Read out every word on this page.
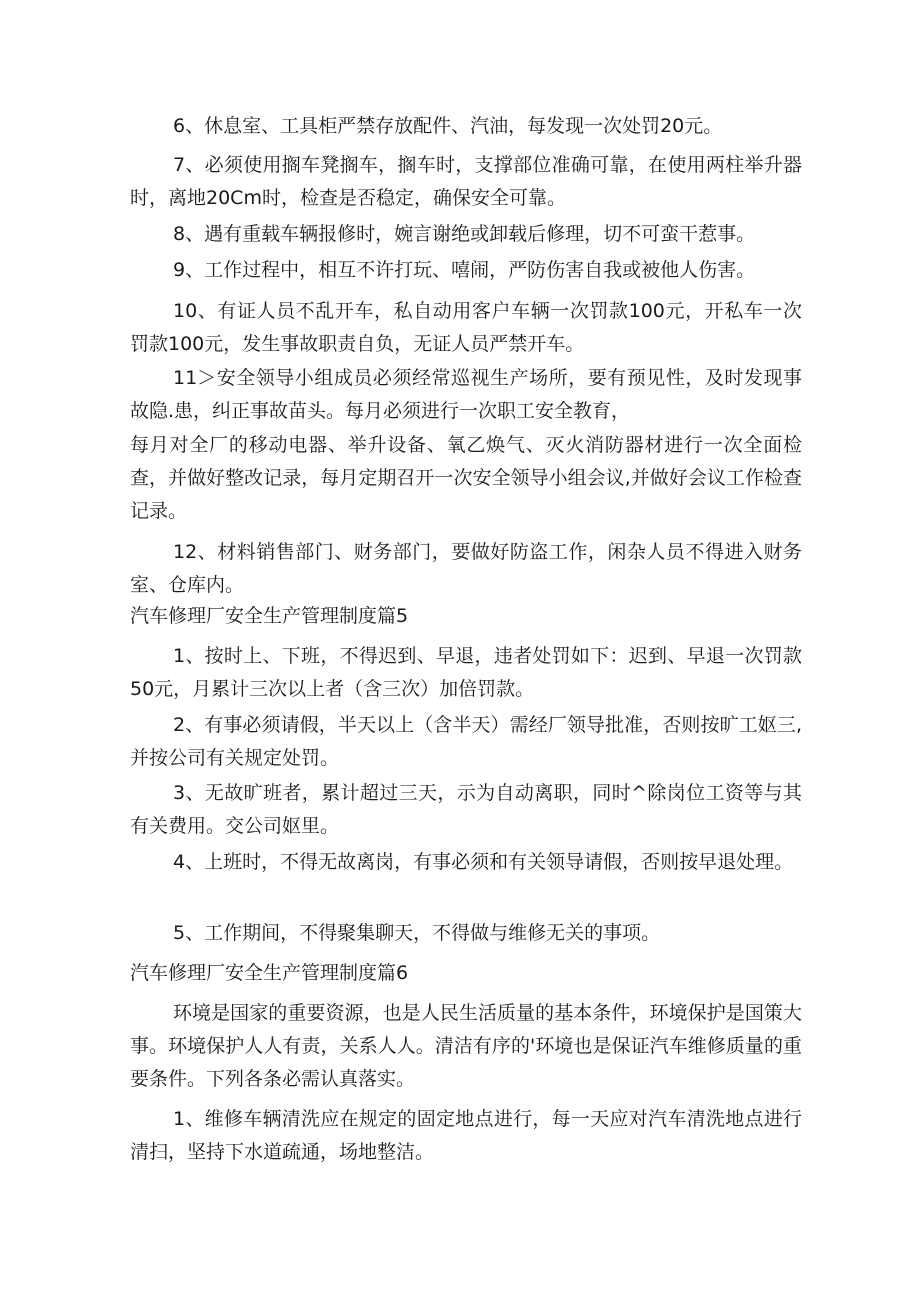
6、休息室、工具柜严禁存放配件、汽油，每发现一次处罚20元。

7、必须使用搁车凳搁车，搁车时，支撑部位准确可靠，在使用两柱举升器时，离地20Cm时，检查是否稳定，确保安全可靠。

8、遇有重载车辆报修时，婉言谢绝或卸载后修理，切不可蛮干惹事。

9、工作过程中，相互不许打玩、嘻闹，严防伤害自我或被他人伤害。

10、有证人员不乱开车，私自动用客户车辆一次罚款100元，开私车一次罚款100元，发生事故职责自负，无证人员严禁开车。

11＞安全领导小组成员必须经常巡视生产场所，要有预见性，及时发现事故隐.患，纠正事故苗头。每月必须进行一次职工安全教育，

每月对全厂的移动电器、举升设备、氧乙焕气、灭火消防器材进行一次全面检查，并做好整改记录，每月定期召开一次安全领导小组会议,并做好会议工作检查记录。

12、材料销售部门、财务部门，要做好防盗工作，闲杂人员不得进入财务室、仓库内。

汽车修理厂安全生产管理制度篇5

1、按时上、下班，不得迟到、早退，违者处罚如下：迟到、早退一次罚款50元，月累计三次以上者（含三次）加倍罚款。

2、有事必须请假，半天以上（含半天）需经厂领导批准，否则按旷工妪三,并按公司有关规定处罚。

3、无故旷班者，累计超过三天，示为自动离职，同时^除岗位工资等与其有关费用。交公司妪里。

4、上班时，不得无故离岗，有事必须和有关领导请假，否则按早退处理。

5、工作期间，不得聚集聊天，不得做与维修无关的事项。

汽车修理厂安全生产管理制度篇6

环境是国家的重要资源，也是人民生活质量的基本条件，环境保护是国策大事。环境保护人人有责，关系人人。清洁有序的'环境也是保证汽车维修质量的重要条件。下列各条必需认真落实。

1、维修车辆清洗应在规定的固定地点进行，每一天应对汽车清洗地点进行清扫，坚持下水道疏通，场地整洁。
